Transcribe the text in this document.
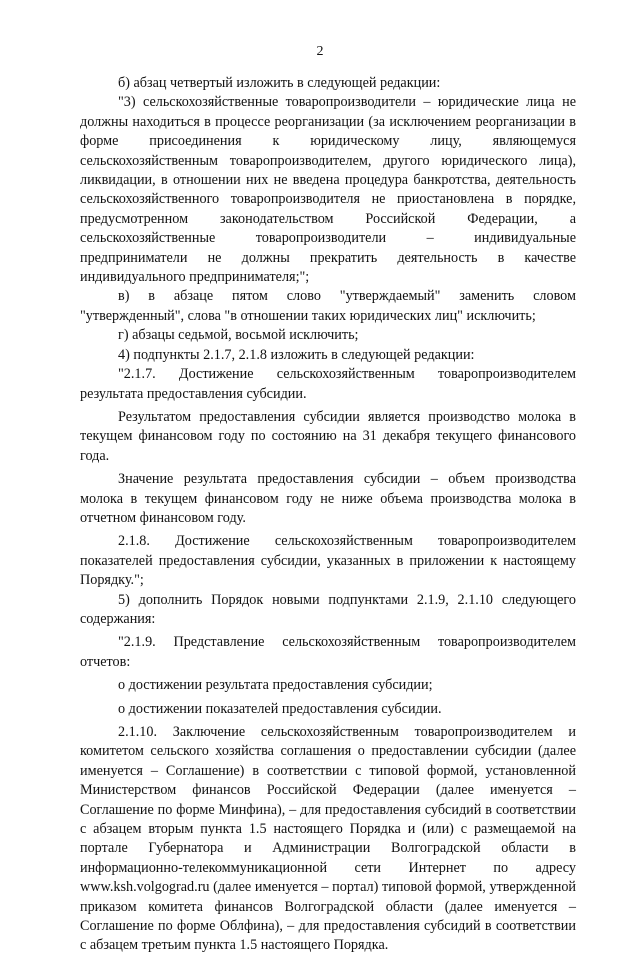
2

б) абзац четвертый изложить в следующей редакции:

"3) сельскохозяйственные товаропроизводители – юридические лица не должны находиться в процессе реорганизации (за исключением реорганизации в форме присоединения к юридическому лицу, являющемуся сельскохозяйственным товаропроизводителем, другого юридического лица), ликвидации, в отношении них не введена процедура банкротства, деятельность сельскохозяйственного товаропроизводителя не приостановлена в порядке, предусмотренном законодательством Российской Федерации, а сельскохозяйственные товаропроизводители – индивидуальные предприниматели не должны прекратить деятельность в качестве индивидуального предпринимателя;";

в) в абзаце пятом слово "утверждаемый" заменить словом "утвержденный", слова "в отношении таких юридических лиц" исключить;

г) абзацы седьмой, восьмой исключить;

4) подпункты 2.1.7, 2.1.8 изложить в следующей редакции:

"2.1.7. Достижение сельскохозяйственным товаропроизводителем результата предоставления субсидии.

Результатом предоставления субсидии является производство молока в текущем финансовом году по состоянию на 31 декабря текущего финансового года.

Значение результата предоставления субсидии – объем производства молока в текущем финансовом году не ниже объема производства молока в отчетном финансовом году.

2.1.8. Достижение сельскохозяйственным товаропроизводителем показателей предоставления субсидии, указанных в приложении к настоящему Порядку.";

5) дополнить Порядок новыми подпунктами 2.1.9, 2.1.10 следующего содержания:

"2.1.9. Представление сельскохозяйственным товаропроизводителем отчетов:

о достижении результата предоставления субсидии;

о достижении показателей предоставления субсидии.

2.1.10. Заключение сельскохозяйственным товаропроизводителем и комитетом сельского хозяйства соглашения о предоставлении субсидии (далее именуется – Соглашение) в соответствии с типовой формой, установленной Министерством финансов Российской Федерации (далее именуется – Соглашение по форме Минфина), – для предоставления субсидий в соответствии с абзацем вторым пункта 1.5 настоящего Порядка и (или) с размещаемой на портале Губернатора и Администрации Волгоградской области в информационно-телекоммуникационной сети Интернет по адресу www.ksh.volgograd.ru (далее именуется – портал) типовой формой, утвержденной приказом комитета финансов Волгоградской области (далее именуется – Соглашение по форме Облфина), – для предоставления субсидий в соответствии с абзацем третьим пункта 1.5 настоящего Порядка.
